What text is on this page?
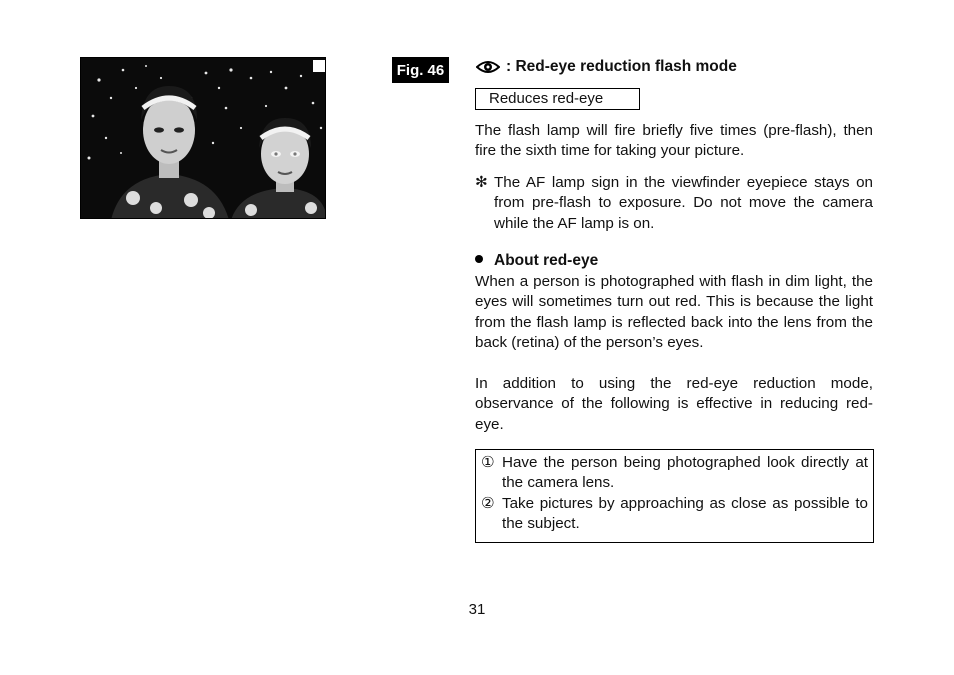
Fig. 46	: Red-eye reduction flash mode
Reduces red-eye
The flash lamp will fire briefly five times (pre-flash), then fire the sixth time for taking your picture.
✻ The AF lamp sign in the viewfinder eyepiece stays on from pre-flash to exposure. Do not move the camera while the AF lamp is on.
About red-eye
When a person is photographed with flash in dim light, the eyes will sometimes turn out red. This is because the light from the flash lamp is reflected back into the lens from the back (retina) of the person’s eyes.
In addition to using the red-eye reduction mode, observance of the following is effective in reducing red-eye.
① Have the person being photographed look directly at the camera lens.
② Take pictures by approaching as close as possible to the subject.
31
